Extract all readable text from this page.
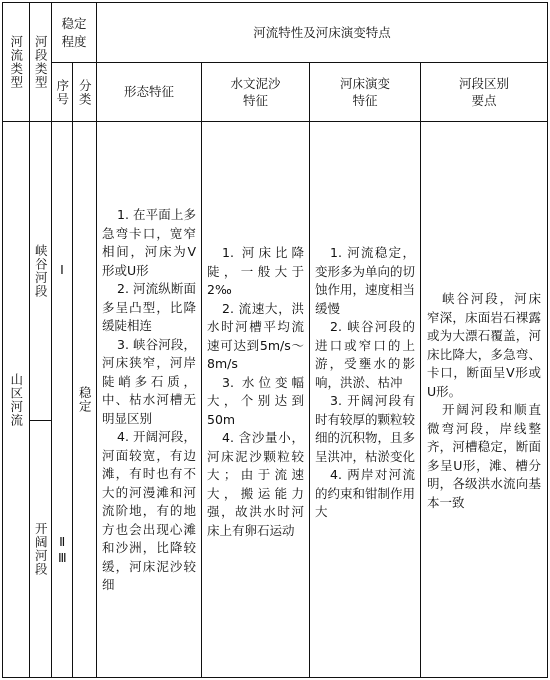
河流类型 河段类型
稳定程度
河流特性及河床演变特点
序号 分类	形态特征
水文泥沙
特征
河床演变
特征
河段区别
要点
山区河流
峡谷河段
开阔河段
Ⅰ
ⅡⅢ
稳定

1. 在平面上多急弯卡口，宽窄相间，河床为V形或U形

2. 河流纵断面多呈凸型，比降缓陡相连

3. 峡谷河段，河床狭窄，河岸陡峭多石质，中、枯水河槽无明显区别

4. 开阔河段，河面较宽，有边滩，有时也有不大的河漫滩和河流阶地，有的地方也会出现心滩和沙洲，比降较缓，河床泥沙较细

1. 河床比降陡，一般大于2‰

2. 流速大，洪水时河槽平均流速可达到5m/s～8m/s

3. 水位变幅大，个别达到50m

4. 含沙量小，河床泥沙颗粒较大；由于流速大，搬运能力强，故洪水时河床上有卵石运动

1. 河流稳定，变形多为单向的切蚀作用，速度相当缓慢

2. 峡谷河段的进口或窄口的上游，受壅水的影响，洪淤、枯冲

3. 开阔河段有时有较厚的颗粒较细的沉积物，且多呈洪冲，枯淤变化

4. 两岸对河流的约束和钳制作用大

峡谷河段，河床窄深，床面岩石裸露或为大漂石覆盖，河床比降大，多急弯、卡口，断面呈V形或U形。

开阔河段和顺直微弯河段，岸线整齐，河槽稳定，断面多呈U形，滩、槽分明，各级洪水流向基本一致
